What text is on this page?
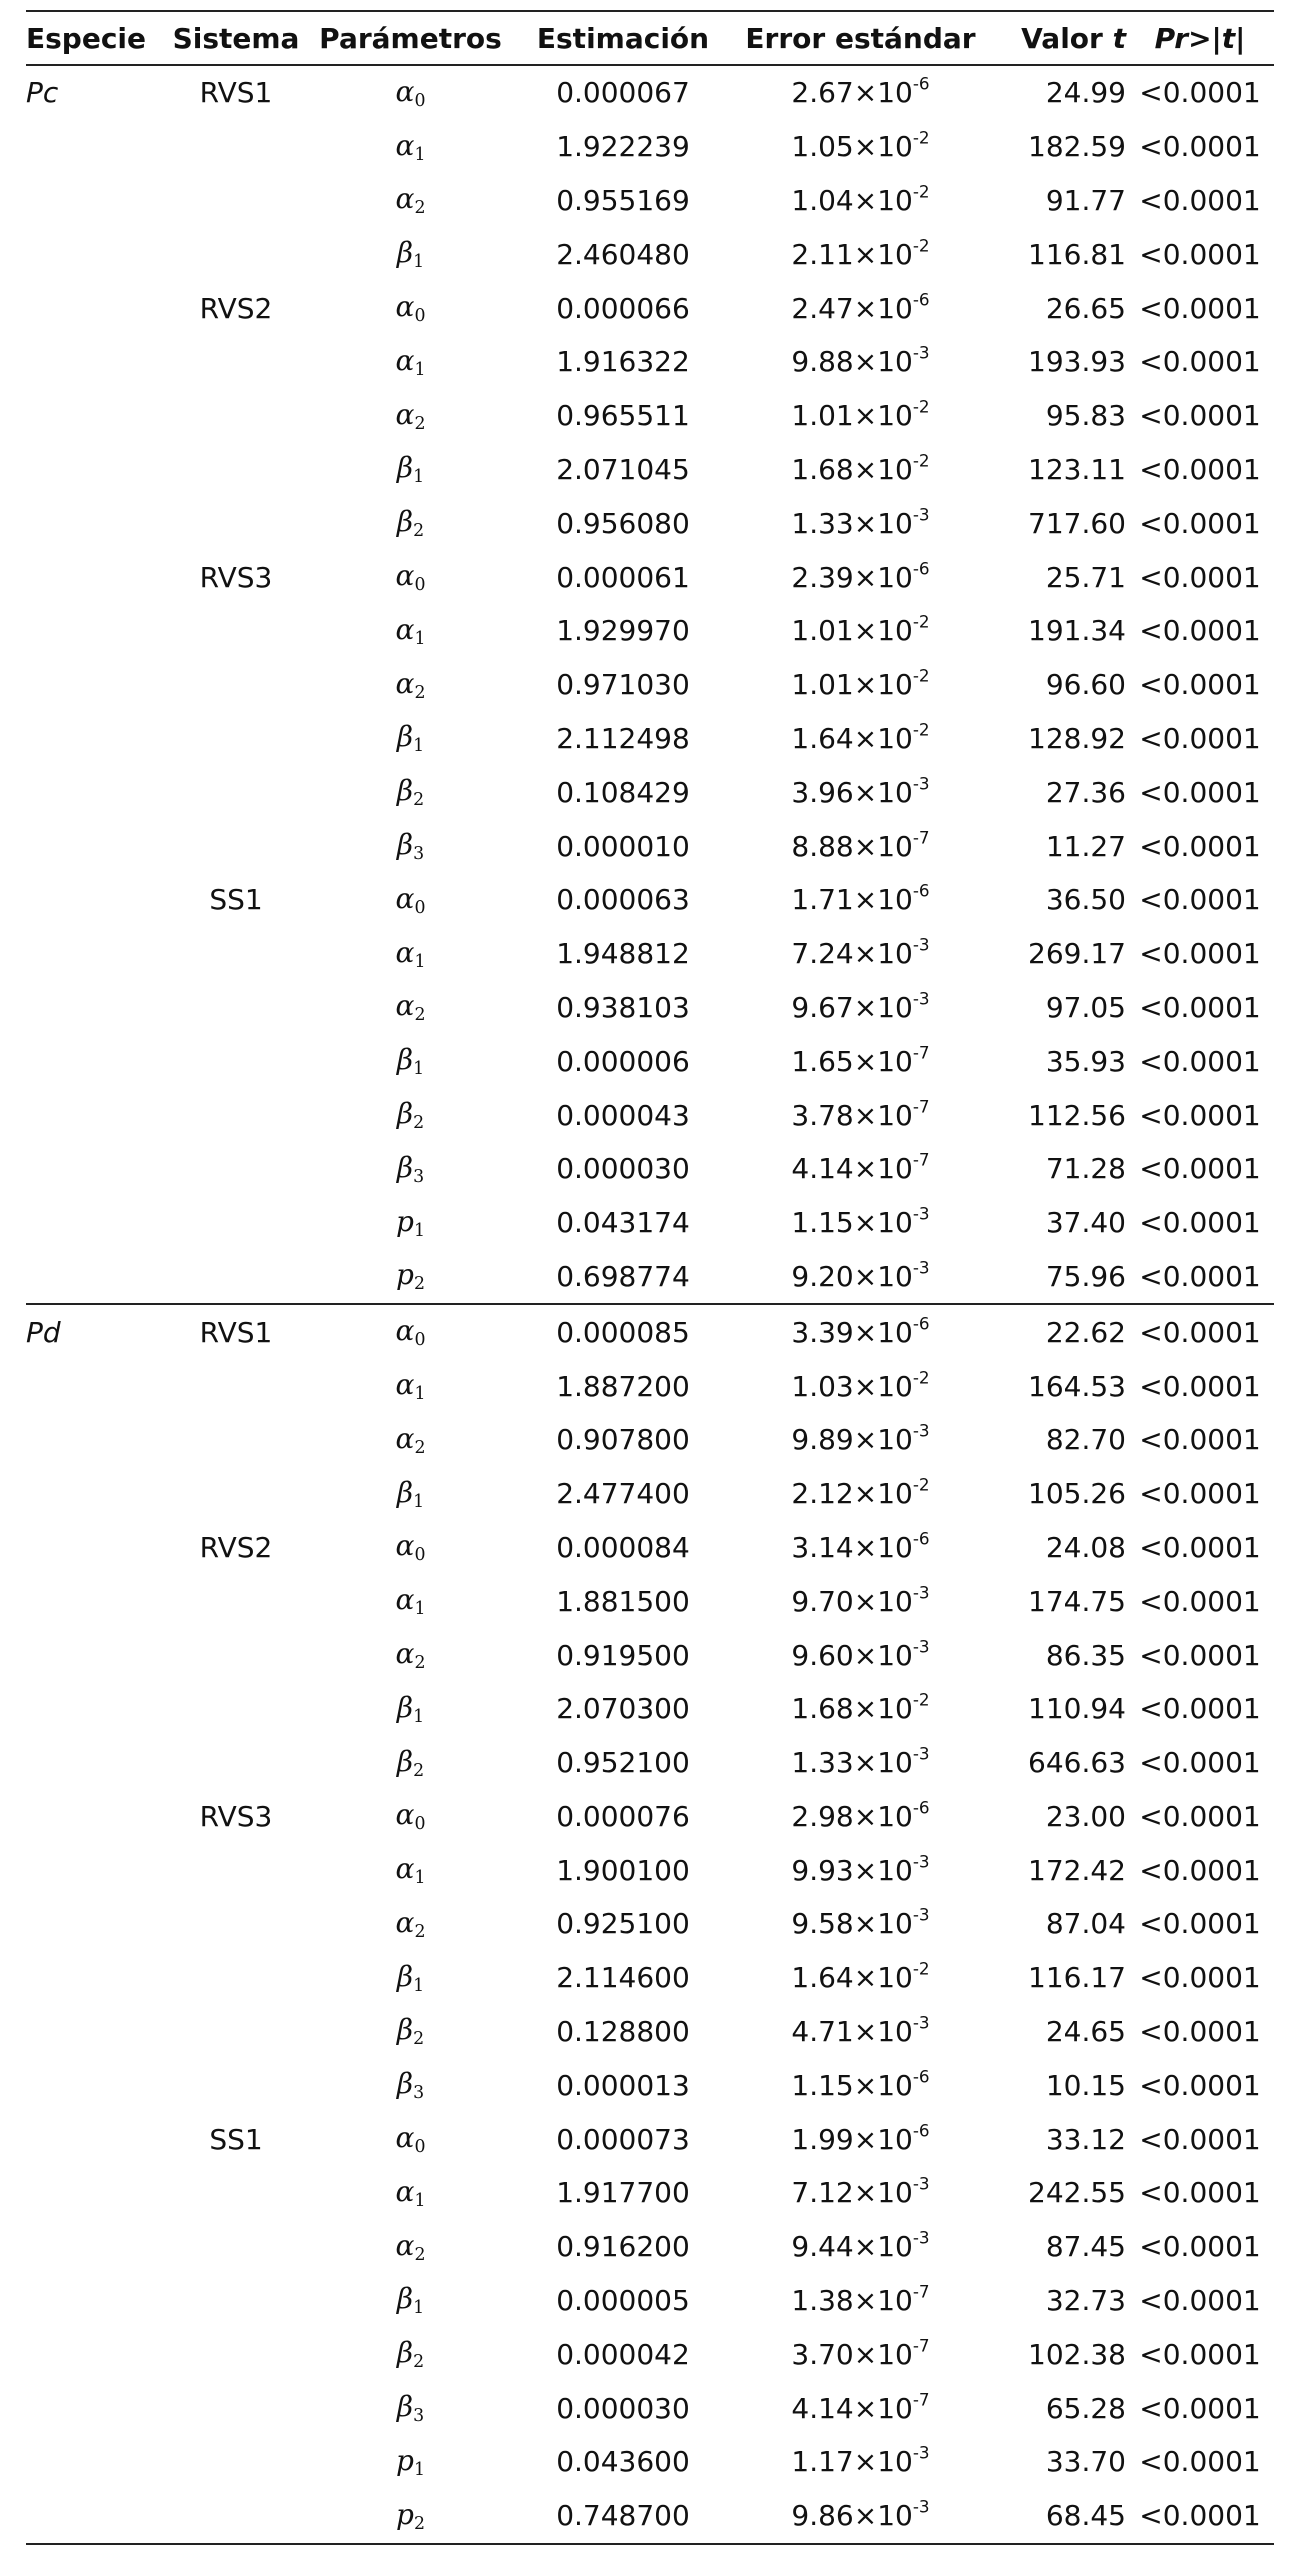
Especie	Sistema	Parámetros	Estimación	Error estándar	Valor t	Pr>|t|
Pc	RVS1	$\alpha_0$	0.000067	$2.67\times 10^{-6}$	24.99	<0.0001
		$\alpha_1$	1.922239	$1.05\times 10^{-2}$	182.59	<0.0001
		$\alpha_2$	0.955169	$1.04\times 10^{-2}$	91.77	<0.0001
		$\beta_1$	2.460480	$2.11\times 10^{-2}$	116.81	<0.0001
	RVS2	$\alpha_0$	0.000066	$2.47\times 10^{-6}$	26.65	<0.0001
		$\alpha_1$	1.916322	$9.88\times 10^{-3}$	193.93	<0.0001
		$\alpha_2$	0.965511	$1.01\times 10^{-2}$	95.83	<0.0001
		$\beta_1$	2.071045	$1.68\times 10^{-2}$	123.11	<0.0001
		$\beta_2$	0.956080	$1.33\times 10^{-3}$	717.60	<0.0001
	RVS3	$\alpha_0$	0.000061	$2.39\times 10^{-6}$	25.71	<0.0001
		$\alpha_1$	1.929970	$1.01\times 10^{-2}$	191.34	<0.0001
		$\alpha_2$	0.971030	$1.01\times 10^{-2}$	96.60	<0.0001
		$\beta_1$	2.112498	$1.64\times 10^{-2}$	128.92	<0.0001
		$\beta_2$	0.108429	$3.96\times 10^{-3}$	27.36	<0.0001
		$\beta_3$	0.000010	$8.88\times 10^{-7}$	11.27	<0.0001
	SS1	$\alpha_0$	0.000063	$1.71\times 10^{-6}$	36.50	<0.0001
		$\alpha_1$	1.948812	$7.24\times 10^{-3}$	269.17	<0.0001
		$\alpha_2$	0.938103	$9.67\times 10^{-3}$	97.05	<0.0001
		$\beta_1$	0.000006	$1.65\times 10^{-7}$	35.93	<0.0001
		$\beta_2$	0.000043	$3.78\times 10^{-7}$	112.56	<0.0001
		$\beta_3$	0.000030	$4.14\times 10^{-7}$	71.28	<0.0001
		$p_1$	0.043174	$1.15\times 10^{-3}$	37.40	<0.0001
		$p_2$	0.698774	$9.20\times 10^{-3}$	75.96	<0.0001
Pd	RVS1	$\alpha_0$	0.000085	$3.39\times 10^{-6}$	22.62	<0.0001
		$\alpha_1$	1.887200	$1.03\times 10^{-2}$	164.53	<0.0001
		$\alpha_2$	0.907800	$9.89\times 10^{-3}$	82.70	<0.0001
		$\beta_1$	2.477400	$2.12\times 10^{-2}$	105.26	<0.0001
	RVS2	$\alpha_0$	0.000084	$3.14\times 10^{-6}$	24.08	<0.0001
		$\alpha_1$	1.881500	$9.70\times 10^{-3}$	174.75	<0.0001
		$\alpha_2$	0.919500	$9.60\times 10^{-3}$	86.35	<0.0001
		$\beta_1$	2.070300	$1.68\times 10^{-2}$	110.94	<0.0001
		$\beta_2$	0.952100	$1.33\times 10^{-3}$	646.63	<0.0001
	RVS3	$\alpha_0$	0.000076	$2.98\times 10^{-6}$	23.00	<0.0001
		$\alpha_1$	1.900100	$9.93\times 10^{-3}$	172.42	<0.0001
		$\alpha_2$	0.925100	$9.58\times 10^{-3}$	87.04	<0.0001
		$\beta_1$	2.114600	$1.64\times 10^{-2}$	116.17	<0.0001
		$\beta_2$	0.128800	$4.71\times 10^{-3}$	24.65	<0.0001
		$\beta_3$	0.000013	$1.15\times 10^{-6}$	10.15	<0.0001
	SS1	$\alpha_0$	0.000073	$1.99\times 10^{-6}$	33.12	<0.0001
		$\alpha_1$	1.917700	$7.12\times 10^{-3}$	242.55	<0.0001
		$\alpha_2$	0.916200	$9.44\times 10^{-3}$	87.45	<0.0001
		$\beta_1$	0.000005	$1.38\times 10^{-7}$	32.73	<0.0001
		$\beta_2$	0.000042	$3.70\times 10^{-7}$	102.38	<0.0001
		$\beta_3$	0.000030	$4.14\times 10^{-7}$	65.28	<0.0001
		$p_1$	0.043600	$1.17\times 10^{-3}$	33.70	<0.0001
		$p_2$	0.748700	$9.86\times 10^{-3}$	68.45	<0.0001
